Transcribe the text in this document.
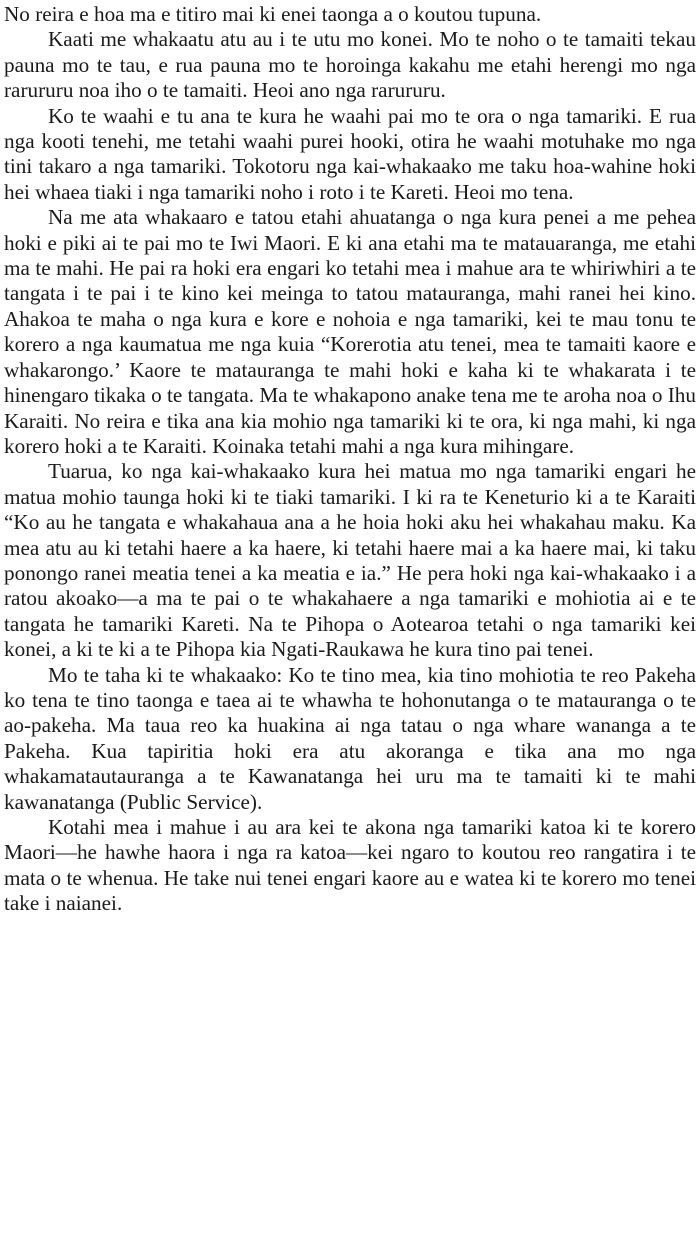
No reira e hoa ma e titiro mai ki enei taonga a o koutou tupuna.

Kaati me whakaatu atu au i te utu mo konei. Mo te noho o te tamaiti tekau pauna mo te tau, e rua pauna mo te horoinga kakahu me etahi herengi mo nga rarururu noa iho o te tamaiti. Heoi ano nga rarururu.

Ko te waahi e tu ana te kura he waahi pai mo te ora o nga tamariki. E rua nga kooti tenehi, me tetahi waahi purei hooki, otira he waahi motuhake mo nga tini takaro a nga tamariki. Tokotoru nga kai-whakaako me taku hoa-wahine hoki hei whaea tiaki i nga tamariki noho i roto i te Kareti. Heoi mo tena.

Na me ata whakaaro e tatou etahi ahuatanga o nga kura penei a me pehea hoki e piki ai te pai mo te Iwi Maori. E ki ana etahi ma te matauaranga, me etahi ma te mahi. He pai ra hoki era engari ko tetahi mea i mahue ara te whiriwhiri a te tangata i te pai i te kino kei meinga to tatou matauranga, mahi ranei hei kino. Ahakoa te maha o nga kura e kore e nohoia e nga tamariki, kei te mau tonu te korero a nga kaumatua me nga kuia “Korerotia atu tenei, mea te tamaiti kaore e whakarongo.’ Kaore te matauranga te mahi hoki e kaha ki te whakarata i te hinengaro tikaka o te tangata. Ma te whakapono anake tena me te aroha noa o Ihu Karaiti. No reira e tika ana kia mohio nga tamariki ki te ora, ki nga mahi, ki nga korero hoki a te Karaiti. Koinaka tetahi mahi a nga kura mihingare.

Tuarua, ko nga kai-whakaako kura hei matua mo nga tamariki engari he matua mohio taunga hoki ki te tiaki tamariki. I ki ra te Keneturio ki a te Karaiti “Ko au he tangata e whakahaua ana a he hoia hoki aku hei whakahau maku. Ka mea atu au ki tetahi haere a ka haere, ki tetahi haere mai a ka haere mai, ki taku ponongo ranei meatia tenei a ka meatia e ia.” He pera hoki nga kai-whakaako i a ratou akoako—a ma te pai o te whakahaere a nga tamariki e mohiotia ai e te tangata he tamariki Kareti. Na te Pihopa o Aotearoa tetahi o nga tamariki kei konei, a ki te ki a te Pihopa kia Ngati-Raukawa he kura tino pai tenei.

Mo te taha ki te whakaako: Ko te tino mea, kia tino mohiotia te reo Pakeha ko tena te tino taonga e taea ai te whawha te hohonutanga o te matauranga o te ao-pakeha. Ma taua reo ka huakina ai nga tatau o nga whare wananga a te Pakeha. Kua tapiritia hoki era atu akoranga e tika ana mo nga whakamatautauranga a te Kawanatanga hei uru ma te tamaiti ki te mahi kawanatanga (Public Service).

Kotahi mea i mahue i au ara kei te akona nga tamariki katoa ki te korero Maori—he hawhe haora i nga ra katoa—kei ngaro to koutou reo rangatira i te mata o te whenua. He take nui tenei engari kaore au e watea ki te korero mo tenei take i naianei.
